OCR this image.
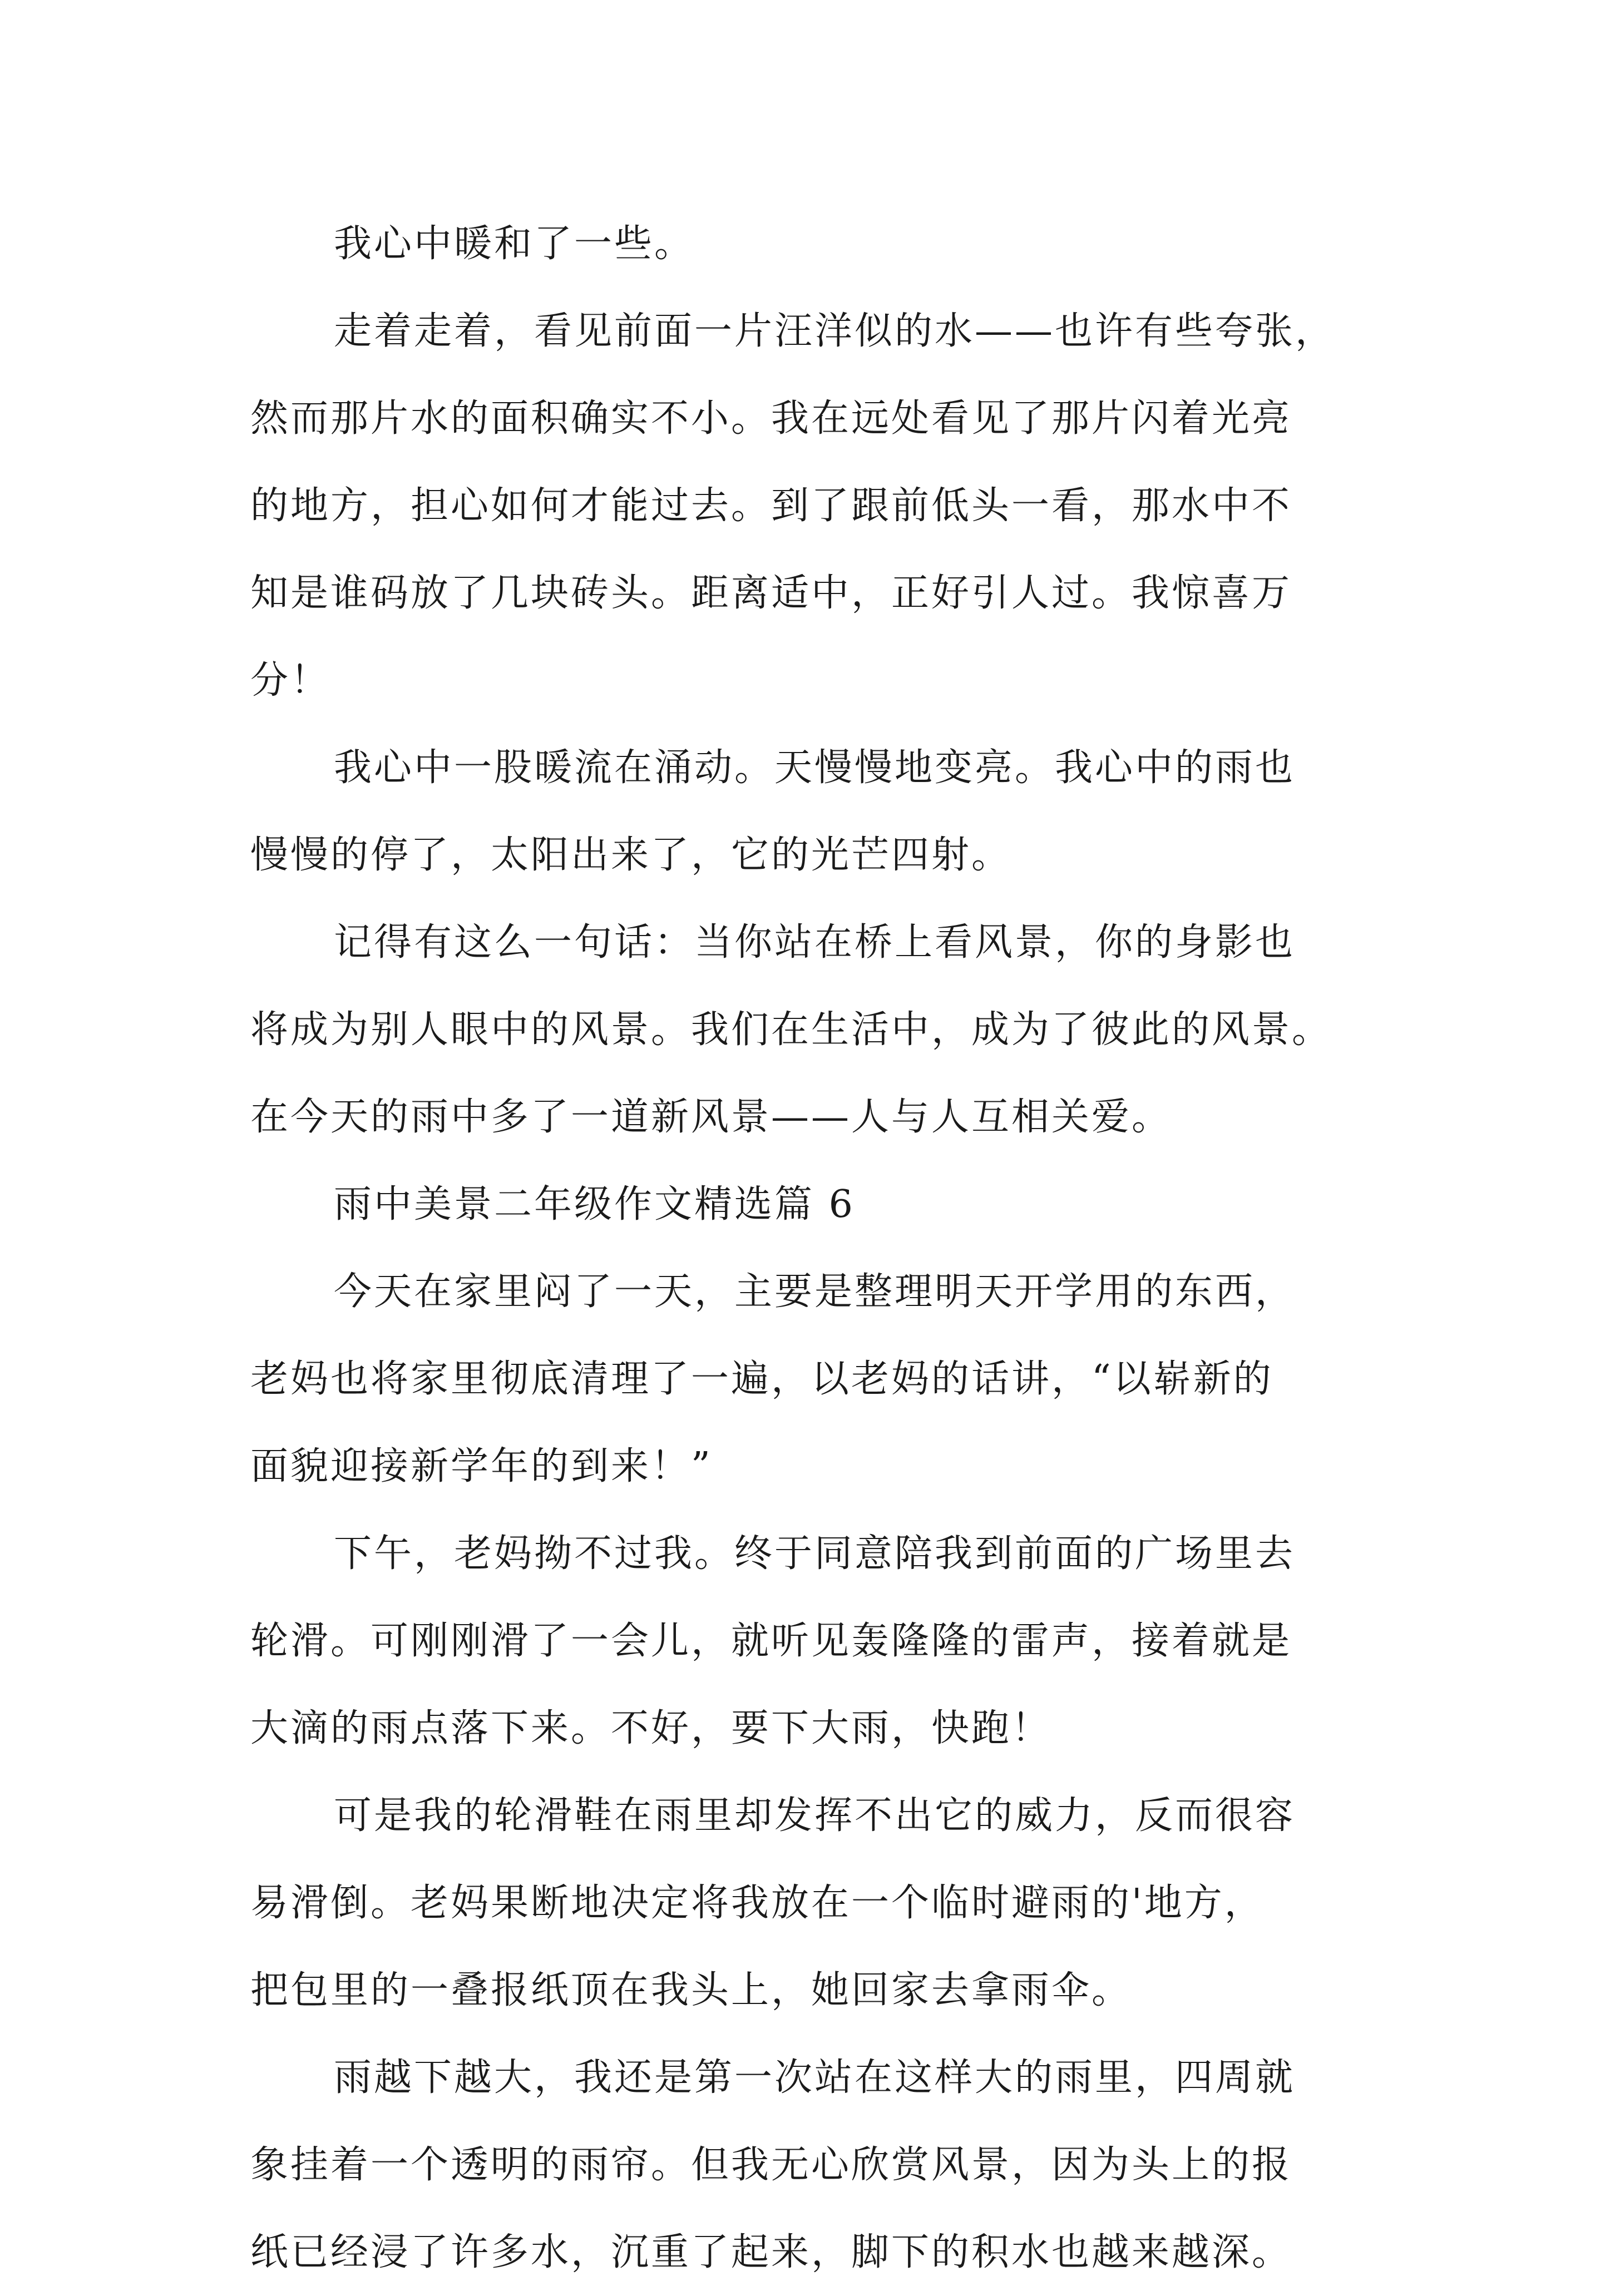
我心中暖和了一些。
走着走着，看见前面一片汪洋似的水——也许有些夸张，
然而那片水的面积确实不小。我在远处看见了那片闪着光亮
的地方，担心如何才能过去。到了跟前低头一看，那水中不
知是谁码放了几块砖头。距离适中，正好引人过。我惊喜万
分！
我心中一股暖流在涌动。天慢慢地变亮。我心中的雨也
慢慢的停了，太阳出来了，它的光芒四射。
记得有这么一句话：当你站在桥上看风景，你的身影也
将成为别人眼中的风景。我们在生活中，成为了彼此的风景。
在今天的雨中多了一道新风景——人与人互相关爱。
雨中美景二年级作文精选篇 6
今天在家里闷了一天，主要是整理明天开学用的东西，
老妈也将家里彻底清理了一遍，以老妈的话讲，“以崭新的
面貌迎接新学年的到来！”
下午，老妈拗不过我。终于同意陪我到前面的广场里去
轮滑。可刚刚滑了一会儿，就听见轰隆隆的雷声，接着就是
大滴的雨点落下来。不好，要下大雨，快跑！
可是我的轮滑鞋在雨里却发挥不出它的威力，反而很容
易滑倒。老妈果断地决定将我放在一个临时避雨的'地方，
把包里的一叠报纸顶在我头上，她回家去拿雨伞。
雨越下越大，我还是第一次站在这样大的雨里，四周就
象挂着一个透明的雨帘。但我无心欣赏风景，因为头上的报
纸已经浸了许多水，沉重了起来，脚下的积水也越来越深。
